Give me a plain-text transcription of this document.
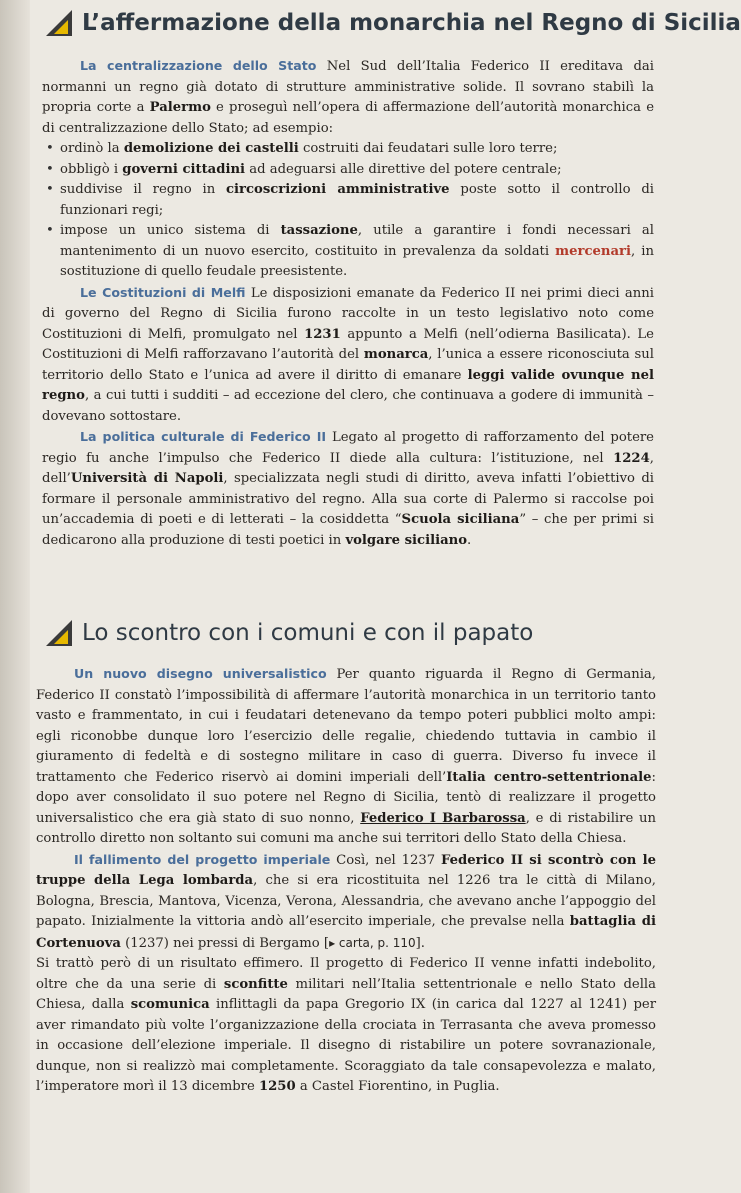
L’affermazione della monarchia nel Regno di Sicilia

La centralizzazione dello Stato Nel Sud dell’Italia Federico II ereditava dai normanni un regno già dotato di strutture amministrative solide. Il sovrano stabilì la propria corte a Palermo e proseguì nell’opera di affermazione dell’autorità monarchica e di centralizzazione dello Stato; ad esempio:

• ordinò la demolizione dei castelli costruiti dai feudatari sulle loro terre;

• obbligò i governi cittadini ad adeguarsi alle direttive del potere centrale;

• suddivise il regno in circoscrizioni amministrative poste sotto il controllo di funzionari regi;

• impose un unico sistema di tassazione, utile a garantire i fondi necessari al mantenimento di un nuovo esercito, costituito in prevalenza da soldati mercenari, in sostituzione di quello feudale preesistente.

Le Costituzioni di Melfi Le disposizioni emanate da Federico II nei primi dieci anni di governo del Regno di Sicilia furono raccolte in un testo legislativo noto come Costituzioni di Melfi, promulgato nel 1231 appunto a Melfi (nell’odierna Basilicata). Le Costituzioni di Melfi rafforzavano l’autorità del monarca, l’unica a essere riconosciuta sul territorio dello Stato e l’unica ad avere il diritto di emanare leggi valide ovunque nel regno, a cui tutti i sudditi – ad eccezione del clero, che continuava a godere di immunità – dovevano sottostare.

La politica culturale di Federico II Legato al progetto di rafforzamento del potere regio fu anche l’impulso che Federico II diede alla cultura: l’istituzione, nel 1224, dell’Università di Napoli, specializzata negli studi di diritto, aveva infatti l’obiettivo di formare il personale amministrativo del regno. Alla sua corte di Palermo si raccolse poi un’accademia di poeti e di letterati – la cosiddetta “Scuola siciliana” – che per primi si dedicarono alla produzione di testi poetici in volgare siciliano.

Lo scontro con i comuni e con il papato

Un nuovo disegno universalistico Per quanto riguarda il Regno di Germania, Federico II constatò l’impossibilità di affermare l’autorità monarchica in un territorio tanto vasto e frammentato, in cui i feudatari detenevano da tempo poteri pubblici molto ampi: egli riconobbe dunque loro l’esercizio delle regalie, chiedendo tuttavia in cambio il giuramento di fedeltà e di sostegno militare in caso di guerra. Diverso fu invece il trattamento che Federico riservò ai domini imperiali dell’Italia centro-settentrionale: dopo aver consolidato il suo potere nel Regno di Sicilia, tentò di realizzare il progetto universalistico che era già stato di suo nonno, Federico I Barbarossa, e di ristabilire un controllo diretto non soltanto sui comuni ma anche sui territori dello Stato della Chiesa.

Il fallimento del progetto imperiale Così, nel 1237 Federico II si scontrò con le truppe della Lega lombarda, che si era ricostituita nel 1226 tra le città di Milano, Bologna, Brescia, Mantova, Vicenza, Verona, Alessandria, che avevano anche l’appoggio del papato. Inizialmente la vittoria andò all’esercito imperiale, che prevalse nella battaglia di Cortenuova (1237) nei pressi di Bergamo [▸ carta, p. 110].

Si trattò però di un risultato effimero. Il progetto di Federico II venne infatti indebolito, oltre che da una serie di sconfitte militari nell’Italia settentrionale e nello Stato della Chiesa, dalla scomunica inflittagli da papa Gregorio IX (in carica dal 1227 al 1241) per aver rimandato più volte l’organizzazione della crociata in Terrasanta che aveva promesso in occasione dell’elezione imperiale. Il disegno di ristabilire un potere sovranazionale, dunque, non si realizzò mai completamente. Scoraggiato da tale consapevolezza e malato, l’imperatore morì il 13 dicembre 1250 a Castel Fiorentino, in Puglia.
